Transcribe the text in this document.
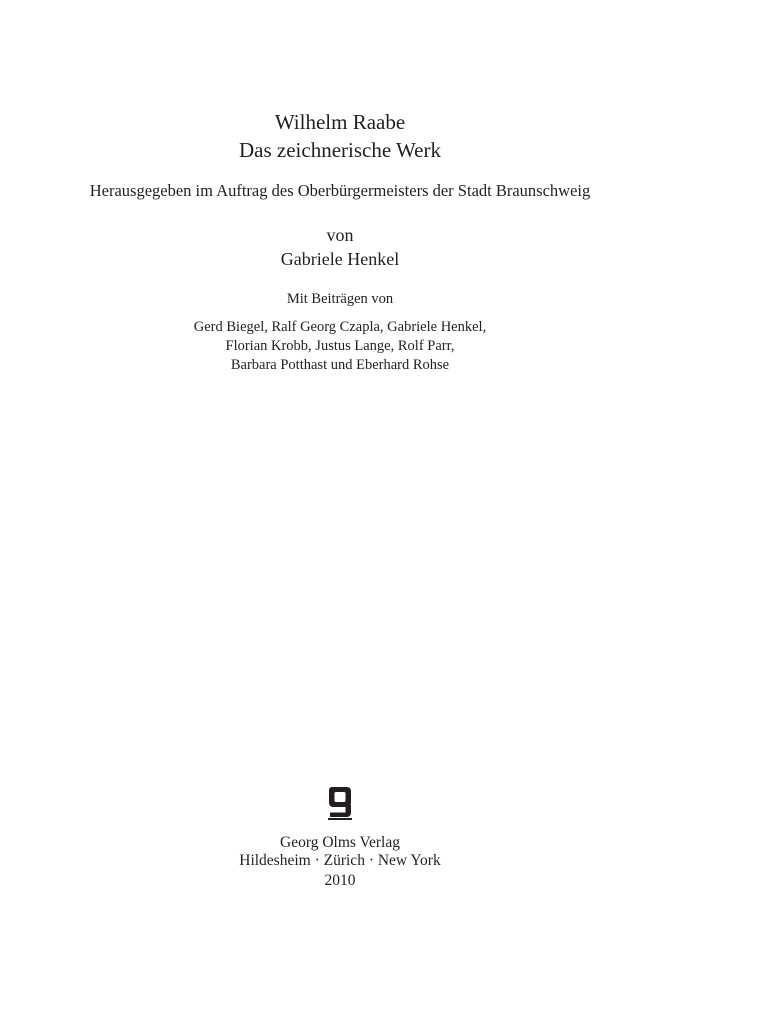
Wilhelm Raabe
Das zeichnerische Werk
Herausgegeben im Auftrag des Oberbürgermeisters der Stadt Braunschweig
von
Gabriele Henkel
Mit Beiträgen von
Gerd Biegel, Ralf Georg Czapla, Gabriele Henkel,
Florian Krobb, Justus Lange, Rolf Parr,
Barbara Potthast und Eberhard Rohse
Georg Olms Verlag
Hildesheim · Zürich · New York
2010
